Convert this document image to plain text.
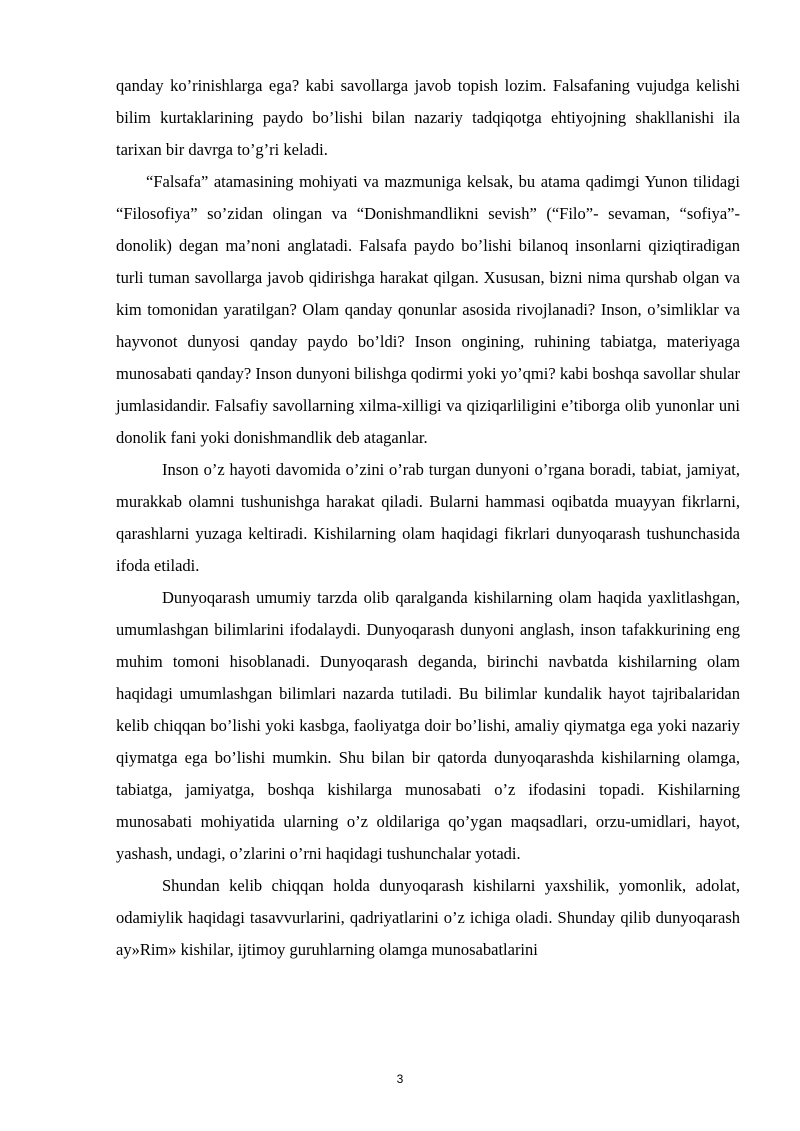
qanday ko’rinishlarga ega? kabi savollarga javob topish lozim. Falsafaning vujudga kelishi bilim kurtaklarining paydo bo’lishi bilan nazariy tadqiqotga ehtiyojning shakllanishi ila tarixan bir davrga to’g’ri keladi.

“Falsafa” atamasining mohiyati va mazmuniga kelsak, bu atama qadimgi Yunon tilidagi “Filosofiya” so’zidan olingan va “Donishmandlikni sevish” (“Filo”- sevaman, “sofiya”- donolik) degan ma’noni anglatadi. Falsafa paydo bo’lishi bilanoq insonlarni qiziqtiradigan turli tuman savollarga javob qidirishga harakat qilgan. Xususan, bizni nima qurshab olgan va kim tomonidan yaratilgan? Olam qanday qonunlar asosida rivojlanadi? Inson, o’simliklar va hayvonot dunyosi qanday paydo bo’ldi? Inson ongining, ruhining tabiatga, materiyaga munosabati qanday? Inson dunyoni bilishga qodirmi yoki yo’qmi? kabi boshqa savollar shular jumlasidandir. Falsafiy savollarning xilma-xilligi va qiziqarliligini e’tiborga olib yunonlar uni donolik fani yoki donishmandlik deb ataganlar.

Inson o’z hayoti davomida o’zini o’rab turgan dunyoni o’rgana boradi, tabiat, jamiyat, murakkab olamni tushunishga harakat qiladi. Bularni hammasi oqibatda muayyan fikrlarni, qarashlarni yuzaga keltiradi. Kishilarning olam haqidagi fikrlari dunyoqarash tushunchasida ifoda etiladi.

Dunyoqarash umumiy tarzda olib qaralganda kishilarning olam haqida yaxlitlashgan, umumlashgan bilimlarini ifodalaydi. Dunyoqarash dunyoni anglash, inson tafakkurining eng muhim tomoni hisoblanadi. Dunyoqarash deganda, birinchi navbatda kishilarning olam haqidagi umumlashgan bilimlari nazarda tutiladi. Bu bilimlar kundalik hayot tajribalaridan kelib chiqqan bo’lishi yoki kasbga, faoliyatga doir bo’lishi, amaliy qiymatga ega yoki nazariy qiymatga ega bo’lishi mumkin. Shu bilan bir qatorda dunyoqarashda kishilarning olamga, tabiatga, jamiyatga, boshqa kishilarga munosabati o’z ifodasini topadi. Kishilarning munosabati mohiyatida ularning o’z oldilariga qo’ygan maqsadlari, orzu-umidlari, hayot, yashash, undagi, o’zlarini o’rni haqidagi tushunchalar yotadi.

Shundan kelib chiqqan holda dunyoqarash kishilarni yaxshilik, yomonlik, adolat, odamiylik haqidagi tasavvurlarini, qadriyatlarini o’z ichiga oladi. Shunday qilib dunyoqarash ay»Rim» kishilar, ijtimoy guruhlarning olamga munosabatlarini

3
